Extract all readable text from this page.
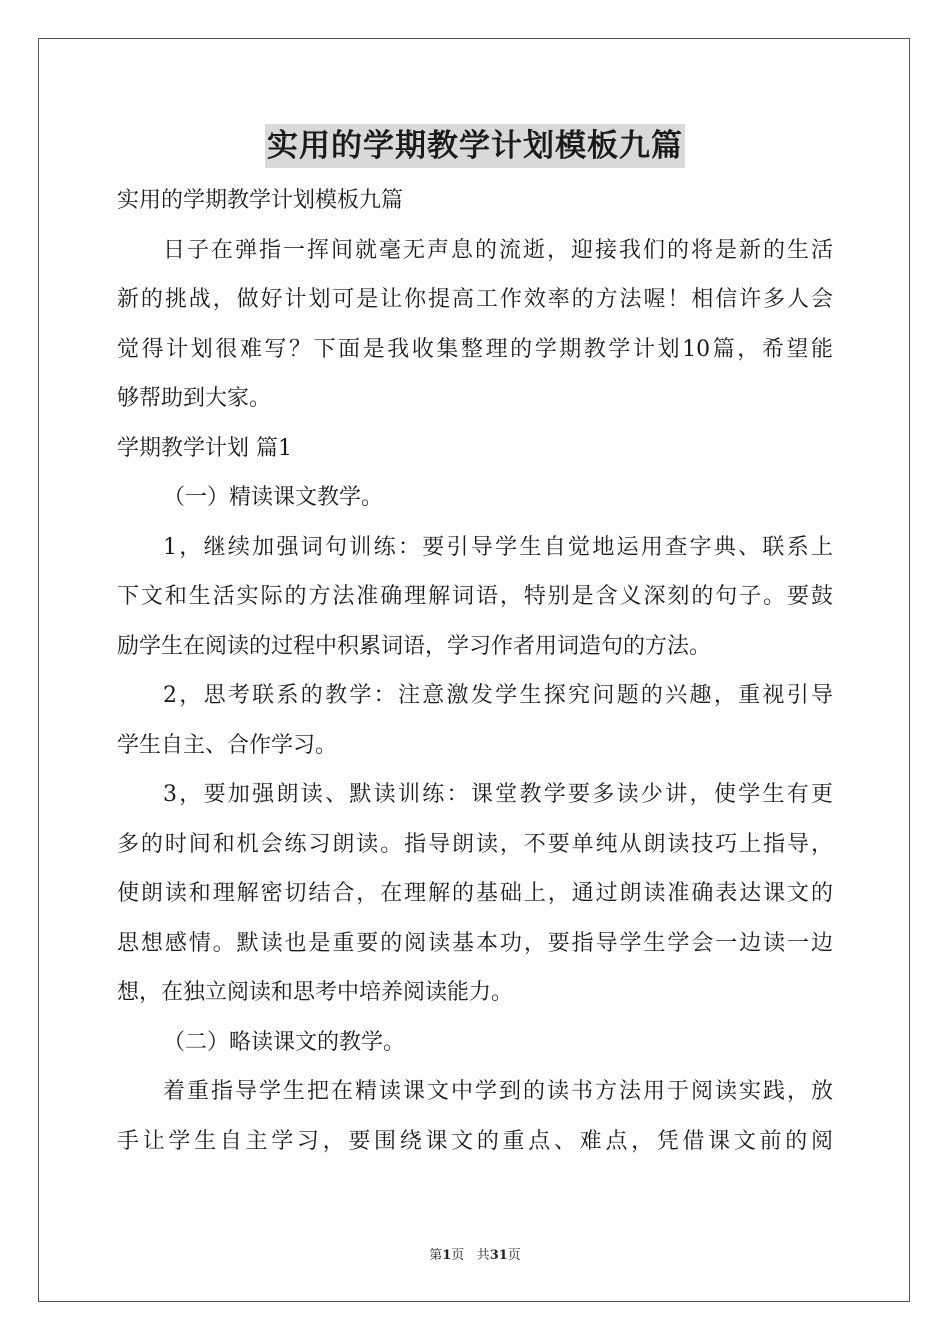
实用的学期教学计划模板九篇
实用的学期教学计划模板九篇
日子在弹指一挥间就毫无声息的流逝，迎接我们的将是新的生活
新的挑战，做好计划可是让你提高工作效率的方法喔！相信许多人会
觉得计划很难写？下面是我收集整理的学期教学计划10篇，希望能
够帮助到大家。
学期教学计划 篇1
（一）精读课文教学。
1，继续加强词句训练：要引导学生自觉地运用查字典、联系上
下文和生活实际的方法准确理解词语，特别是含义深刻的句子。要鼓
励学生在阅读的过程中积累词语，学习作者用词造句的方法。
2，思考联系的教学：注意激发学生探究问题的兴趣，重视引导
学生自主、合作学习。
3，要加强朗读、默读训练：课堂教学要多读少讲，使学生有更
多的时间和机会练习朗读。指导朗读，不要单纯从朗读技巧上指导，
使朗读和理解密切结合，在理解的基础上，通过朗读准确表达课文的
思想感情。默读也是重要的阅读基本功，要指导学生学会一边读一边
想，在独立阅读和思考中培养阅读能力。
（二）略读课文的教学。
着重指导学生把在精读课文中学到的读书方法用于阅读实践，放
手让学生自主学习，要围绕课文的重点、难点，凭借课文前的阅
第1页 共31页
